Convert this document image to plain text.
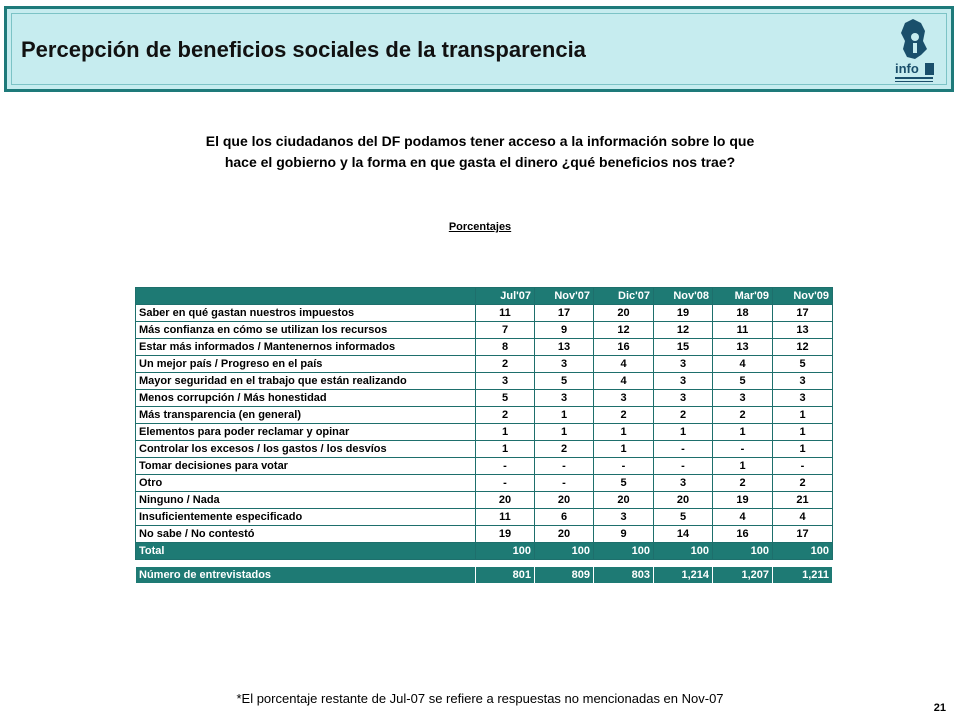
Percepción de beneficios sociales de la transparencia
info
El que los ciudadanos del DF podamos tener acceso a la información sobre lo que
hace el gobierno y la forma en que gasta el dinero ¿qué beneficios nos trae?
Porcentajes
	Jul'07	Nov'07	Dic'07	Nov'08	Mar'09	Nov'09
Saber en qué gastan nuestros impuestos	11	17	20	19	18	17
Más confianza en cómo se utilizan los recursos	7	9	12	12	11	13
Estar más informados / Mantenernos informados	8	13	16	15	13	12
Un mejor país / Progreso en el país	2	3	4	3	4	5
Mayor seguridad en el trabajo que están realizando	3	5	4	3	5	3
Menos corrupción / Más honestidad	5	3	3	3	3	3
Más transparencia (en general)	2	1	2	2	2	1
Elementos para poder reclamar y opinar	1	1	1	1	1	1
Controlar los excesos / los gastos / los desvíos	1	2	1	-	-	1
Tomar decisiones para votar	-	-	-	-	1	-
Otro	-	-	5	3	2	2
Ninguno / Nada	20	20	20	20	19	21
Insuficientemente especificado	11	6	3	5	4	4
No sabe / No contestó	19	20	9	14	16	17
Total	100	100	100	100	100	100

Número de entrevistados	801	809	803	1,214	1,207	1,211
*El porcentaje restante de Jul-07 se refiere a respuestas no mencionadas en Nov-07
21
